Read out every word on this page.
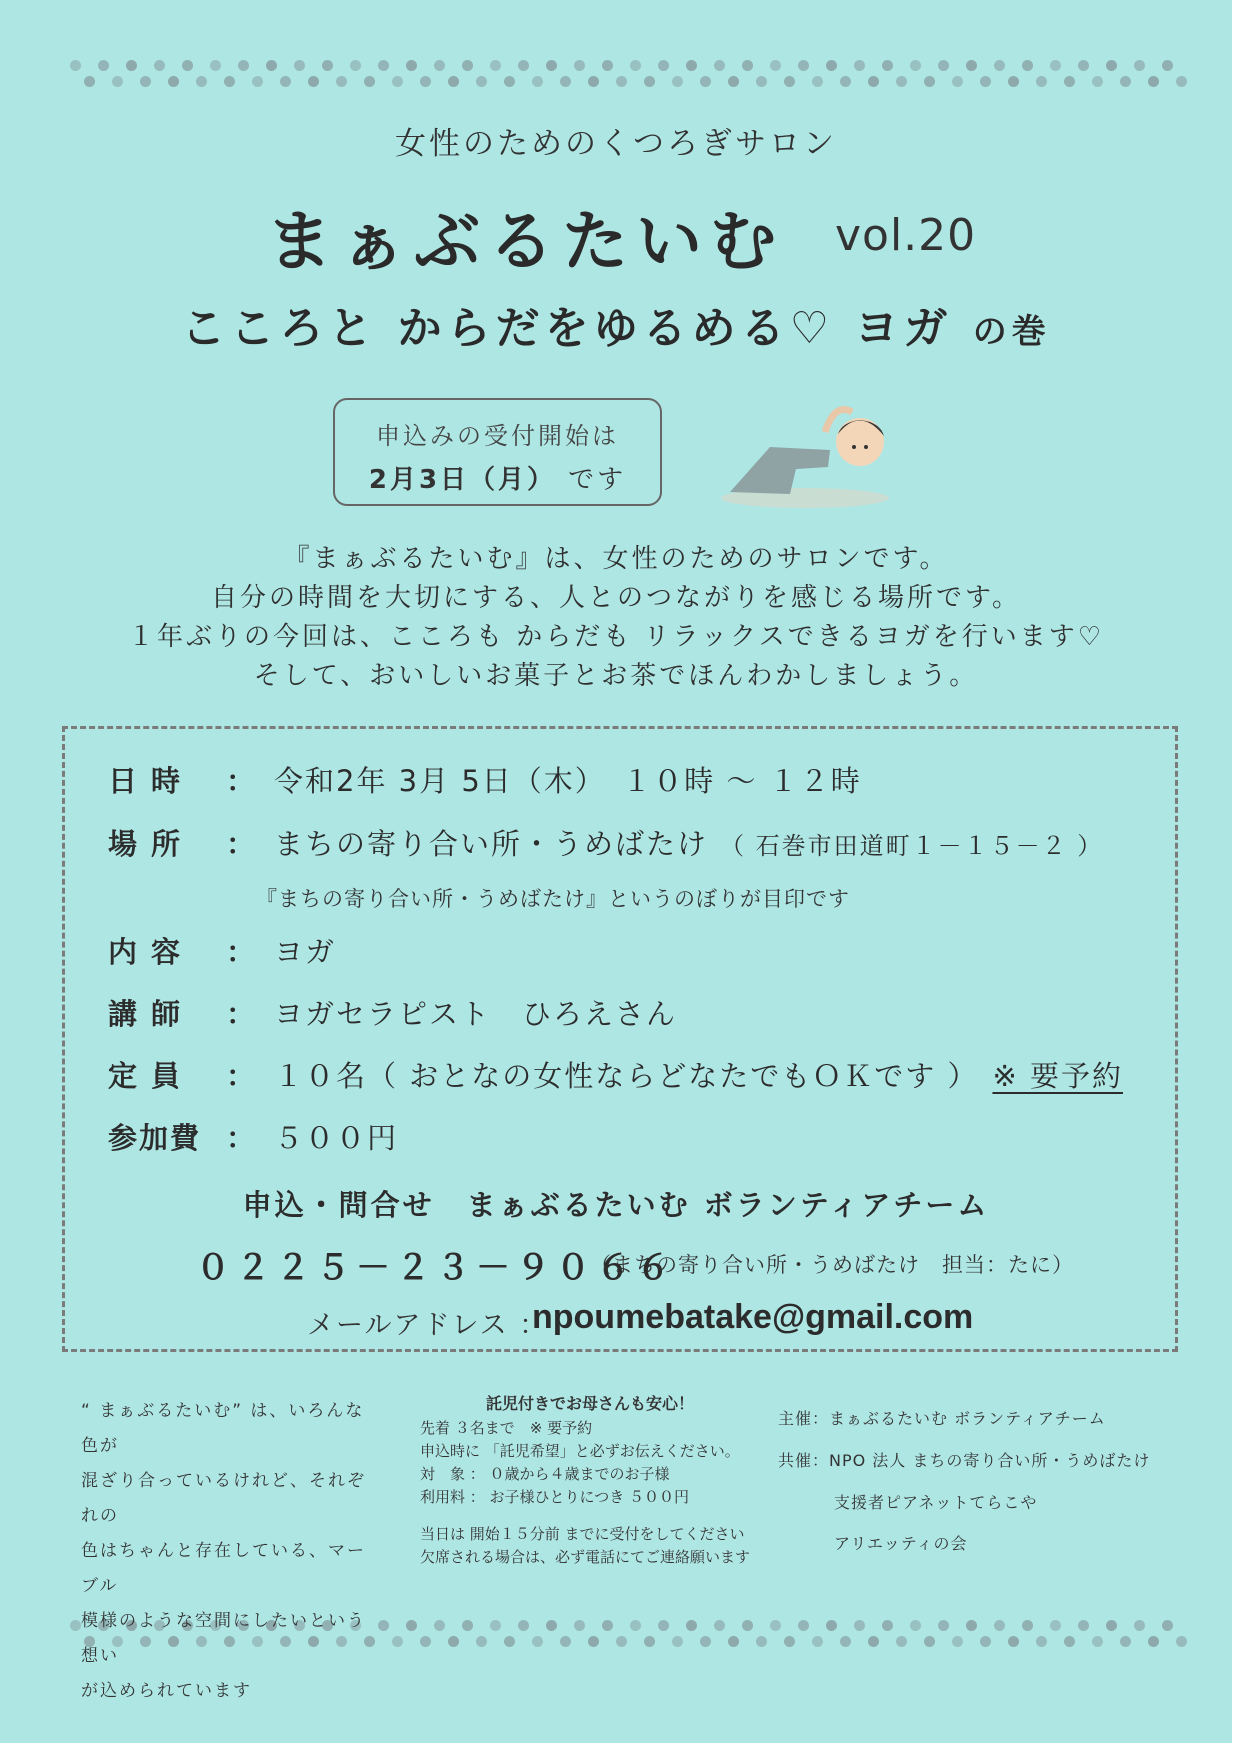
女性のためのくつろぎサロン
まぁぶるたいむ vol.20
こころと からだをゆるめる♡ ヨガ の巻
申込みの受付開始は
2月3日（月） です
『まぁぶるたいむ』は、女性のためのサロンです。
自分の時間を大切にする、人とのつながりを感じる場所です。
１年ぶりの今回は、こころも からだも リラックスできるヨガを行います♡
そして、おいしいお菓子とお茶でほんわかしましょう。
日時 ： 令和2年 3月 5日（木）　１０時 ～ １２時
場所 ： まちの寄り合い所・うめばたけ （ 石巻市田道町１－１５－２ ）
『まちの寄り合い所・うめばたけ』というのぼりが目印です
内容 ： ヨガ
講師 ： ヨガセラピスト　ひろえさん
定員 ： １０名（ おとなの女性ならどなたでもＯＫです ） ※ 要予約
参加費 ： ５００円
申込・問合せ　まぁぶるたいむ ボランティアチーム
０２２５－２３－９０６６
（まちの寄り合い所・うめばたけ　担当：たに）
メールアドレス ：
npoumebatake@gmail.com
“ まぁぶるたいむ” は、いろんな色が
混ざり合っているけれど、それぞれの
色はちゃんと存在している、マーブル
模様のような空間にしたいという想い
が込められています
託児付きでお母さんも安心！
先着 ３名まで　※ 要予約
申込時に 「託児希望」と必ずお伝えください。
対　象 ： ０歳から４歳までのお子様
利用料 ： お子様ひとりにつき ５００円
当日は 開始１５分前 までに受付をしてください
欠席される場合は、必ず電話にてご連絡願います
主催：まぁぶるたいむ ボランティアチーム
共催：NPO 法人 まちの寄り合い所・うめばたけ
支援者ピアネットてらこや
アリエッティの会
